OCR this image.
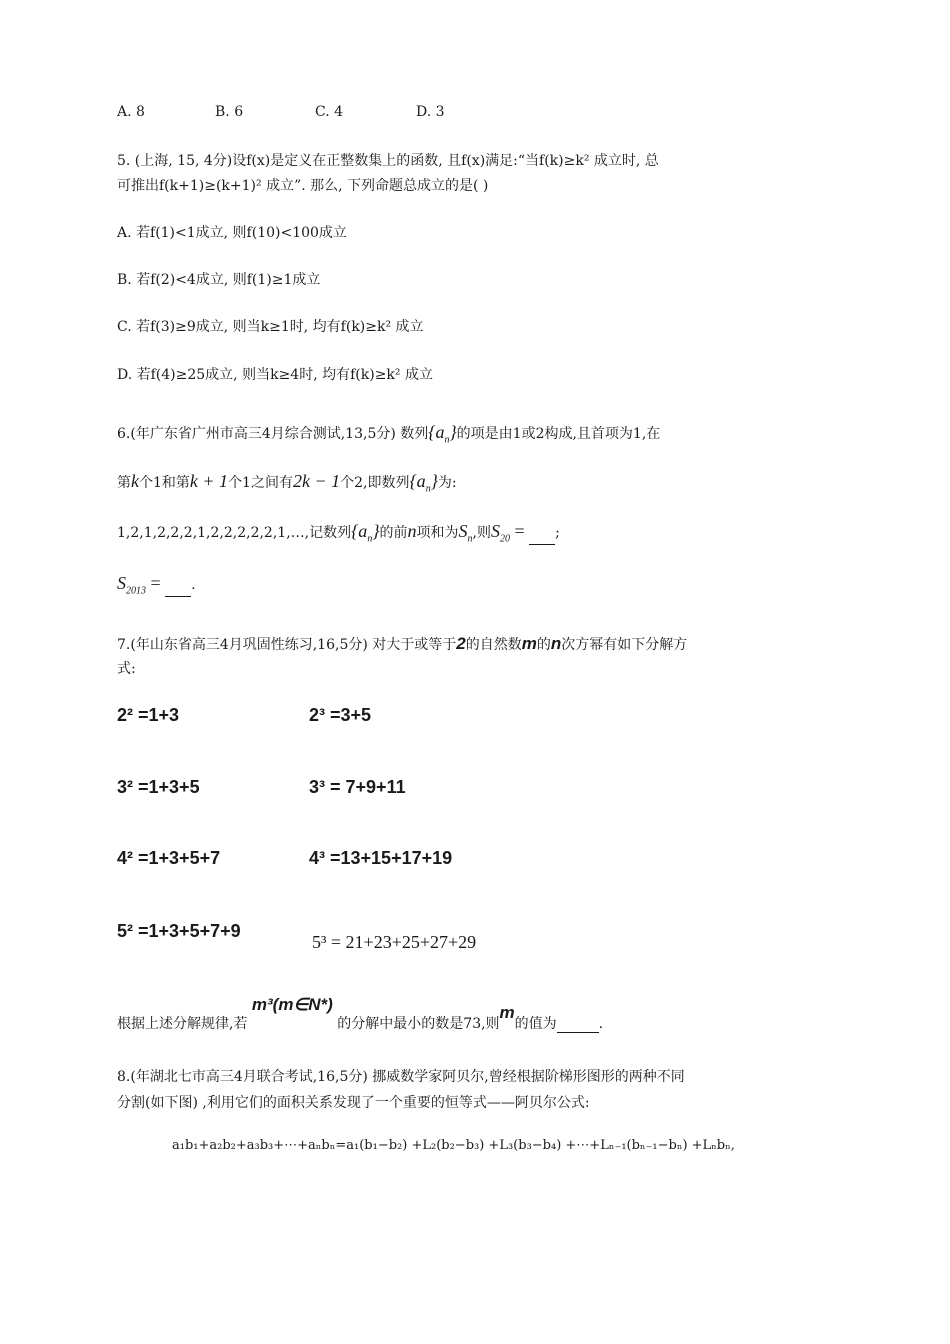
A. 8	B. 6	C. 4	D. 3
5. (上海, 15, 4分)设f(x)是定义在正整数集上的函数, 且f(x)满足:“当f(k)≥k² 成立时, 总
可推出f(k+1)≥(k+1)² 成立”. 那么, 下列命题总成立的是( )
A. 若f(1)<1成立, 则f(10)<100成立
B. 若f(2)<4成立, 则f(1)≥1成立
C. 若f(3)≥9成立, 则当k≥1时, 均有f(k)≥k² 成立
D. 若f(4)≥25成立, 则当k≥4时, 均有f(k)≥k² 成立
6.(年广东省广州市高三4月综合测试,13,5分) 数列$\{a_n\}$的项是由1或2构成,且首项为1,在
第k个1和第k + 1个1之间有2k − 1个2,即数列$\{a_n\}$为:
1,2,1,2,2,2,1,2,2,2,2,2,1,…,记数列$\{a_n\}$的前n项和为$S_n$,则$S_{20}$ = ;
$S_{2013}$ = .
7.(年山东省高三4月巩固性练习,16,5分) 对大于或等于2的自然数m的n次方幂有如下分解方
式:
2² =1+3	2³ =3+5
3² =1+3+5	3³ = 7+9+11
4² =1+3+5+7	4³ =13+15+17+19
5² =1+3+5+7+9
5³ = 21+23+25+27+29
根据上述分解规律,若 m³(m∈N*) 的分解中最小的数是73,则m的值为	.
8.(年湖北七市高三4月联合考试,16,5分) 挪威数学家阿贝尔,曾经根据阶梯形图形的两种不同
分割(如下图) ,利用它们的面积关系发现了一个重要的恒等式——阿贝尔公式:
a₁b₁+a₂b₂+a₃b₃+⋯+aₙbₙ=a₁(b₁−b₂) +L₂(b₂−b₃) +L₃(b₃−b₄) +⋯+Lₙ₋₁(bₙ₋₁−bₙ) +Lₙbₙ,
